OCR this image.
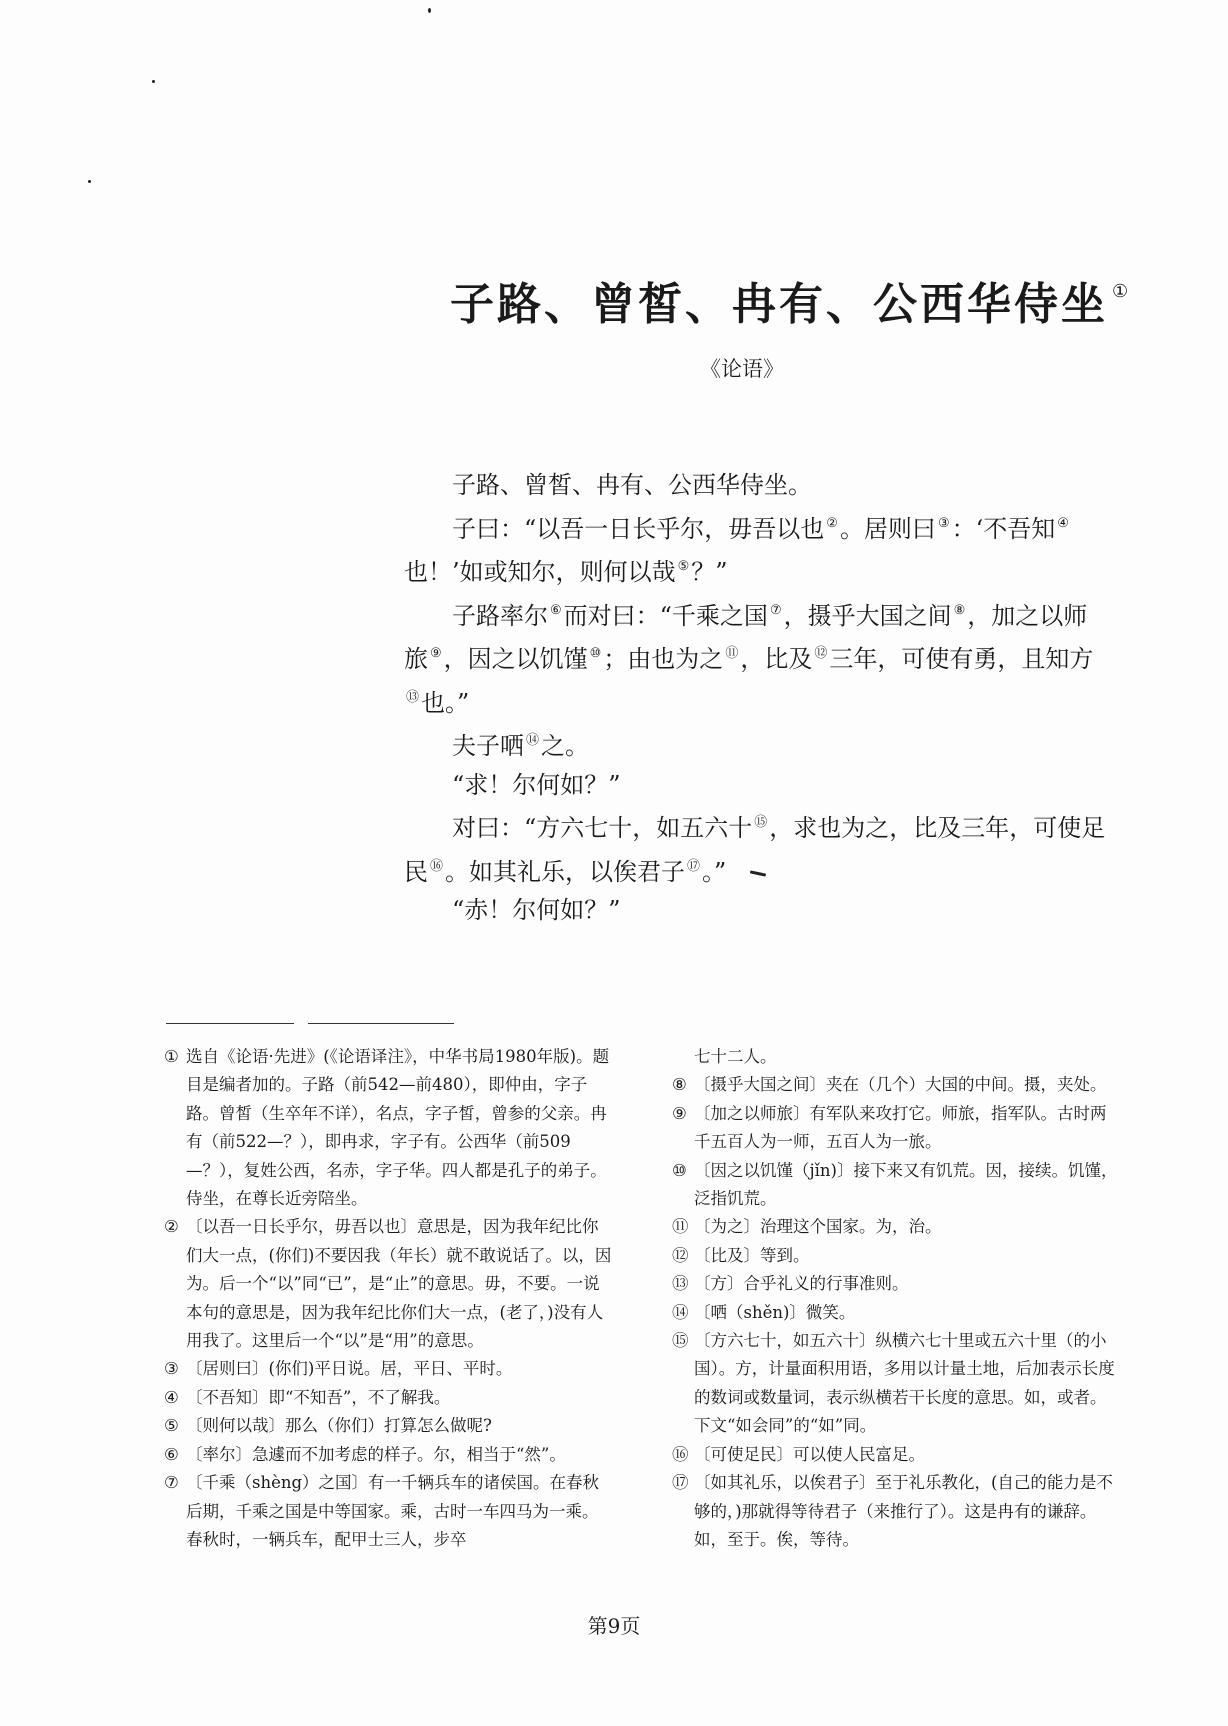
子路、曾皙、冉有、公西华侍坐 ①
《论语》

子路、曾皙、冉有、公西华侍坐。

子曰：“以吾一日长乎尔，毋吾以也 ②。居则曰 ③：‘不吾知 ④也！’如或知尔，则何以哉 ⑤？”

子路率尔 ⑥而对曰：“千乘之国 ⑦，摄乎大国之间 ⑧，加之以师旅 ⑨，因之以饥馑 ⑩；由也为之 ⑪，比及 ⑫三年，可使有勇，且知方⑬也。”

夫子哂 ⑭之。

“求！尔何如？”

对曰：“方六七十，如五六十 ⑮，求也为之，比及三年，可使足民 ⑯。如其礼乐，以俟君子 ⑰。”

“赤！尔何如？”

① 选自《论语·先进》(《论语译注》，中华书局1980年版)。题目是编者加的。子路（前542—前480），即仲由，字子路。曾皙（生卒年不详），名点，字子皙，曾参的父亲。冉有（前522—？），即冉求，字子有。公西华（前509—？），复姓公西，名赤，字子华。四人都是孔子的弟子。侍坐，在尊长近旁陪坐。
② 〔以吾一日长乎尔，毋吾以也〕意思是，因为我年纪比你们大一点，(你们)不要因我（年长）就不敢说话了。以，因为。后一个“以”同“已”，是“止”的意思。毋，不要。一说本句的意思是，因为我年纪比你们大一点，(老了，)没有人用我了。这里后一个“以”是“用”的意思。
③ 〔居则曰〕(你们)平日说。居，平日、平时。
④ 〔不吾知〕即“不知吾”，不了解我。
⑤ 〔则何以哉〕那么（你们）打算怎么做呢?
⑥ 〔率尔〕急遽而不加考虑的样子。尔，相当于“然”。
⑦ 〔千乘（shèng）之国〕有一千辆兵车的诸侯国。在春秋后期，千乘之国是中等国家。乘，古时一车四马为一乘。春秋时，一辆兵车，配甲士三人，步卒
七十二人。
⑧ 〔摄乎大国之间〕夹在（几个）大国的中间。摄，夹处。
⑨ 〔加之以师旅〕有军队来攻打它。师旅，指军队。古时两千五百人为一师，五百人为一旅。
⑩ 〔因之以饥馑（jǐn)〕接下来又有饥荒。因，接续。饥馑，泛指饥荒。
⑪ 〔为之〕治理这个国家。为，治。
⑫ 〔比及〕等到。
⑬ 〔方〕合乎礼义的行事准则。
⑭ 〔哂（shěn)〕微笑。
⑮ 〔方六七十，如五六十〕纵横六七十里或五六十里（的小国）。方，计量面积用语，多用以计量土地，后加表示长度的数词或数量词，表示纵横若干长度的意思。如，或者。下文“如会同”的“如”同。
⑯ 〔可使足民〕可以使人民富足。
⑰ 〔如其礼乐，以俟君子〕至于礼乐教化，(自己的能力是不够的，)那就得等待君子（来推行了）。这是冉有的谦辞。如，至于。俟，等待。
第9页
